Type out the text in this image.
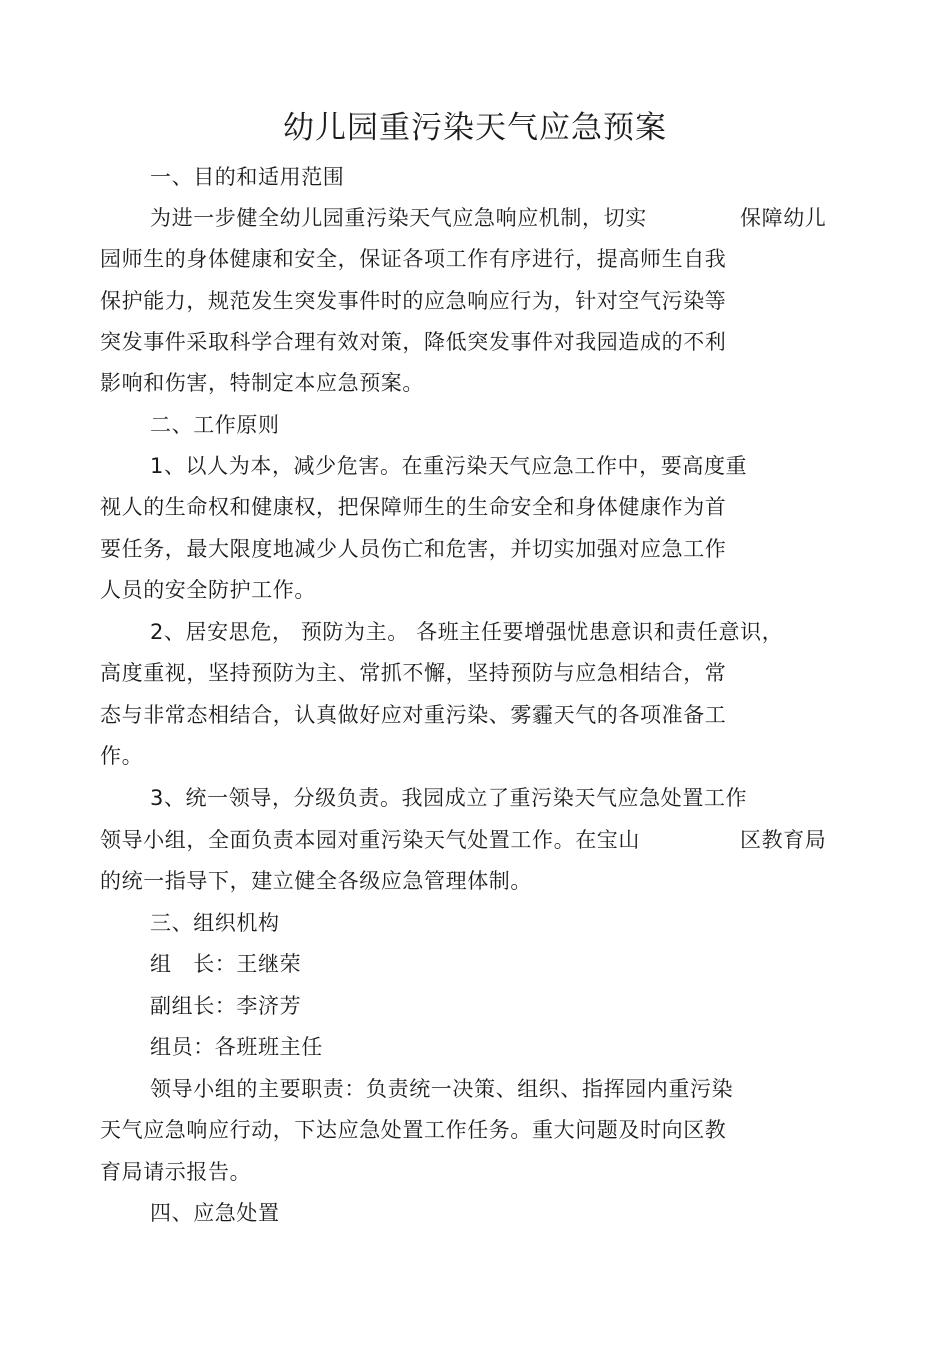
幼儿园重污染天气应急预案
一、目的和适用范围
为进一步健全幼儿园重污染天气应急响应机制，切实	保障幼儿
园师生的身体健康和安全，保证各项工作有序进行，提高师生自我
保护能力，规范发生突发事件时的应急响应行为，针对空气污染等
突发事件采取科学合理有效对策，降低突发事件对我园造成的不利
影响和伤害，特制定本应急预案。
二、工作原则
1、以人为本，减少危害。在重污染天气应急工作中，要高度重
视人的生命权和健康权，把保障师生的生命安全和身体健康作为首
要任务，最大限度地减少人员伤亡和危害，并切实加强对应急工作
人员的安全防护工作。
2、居安思危， 预防为主。 各班主任要增强忧患意识和责任意识，
高度重视，坚持预防为主、常抓不懈，坚持预防与应急相结合，常
态与非常态相结合，认真做好应对重污染、雾霾天气的各项准备工
作。
3、统一领导，分级负责。我园成立了重污染天气应急处置工作
领导小组，全面负责本园对重污染天气处置工作。在宝山	区教育局
的统一指导下，建立健全各级应急管理体制。
三、组织机构
组　长：王继荣
副组长：李济芳
组员：各班班主任
领导小组的主要职责：负责统一决策、组织、指挥园内重污染
天气应急响应行动，下达应急处置工作任务。重大问题及时向区教
育局请示报告。
四、应急处置
